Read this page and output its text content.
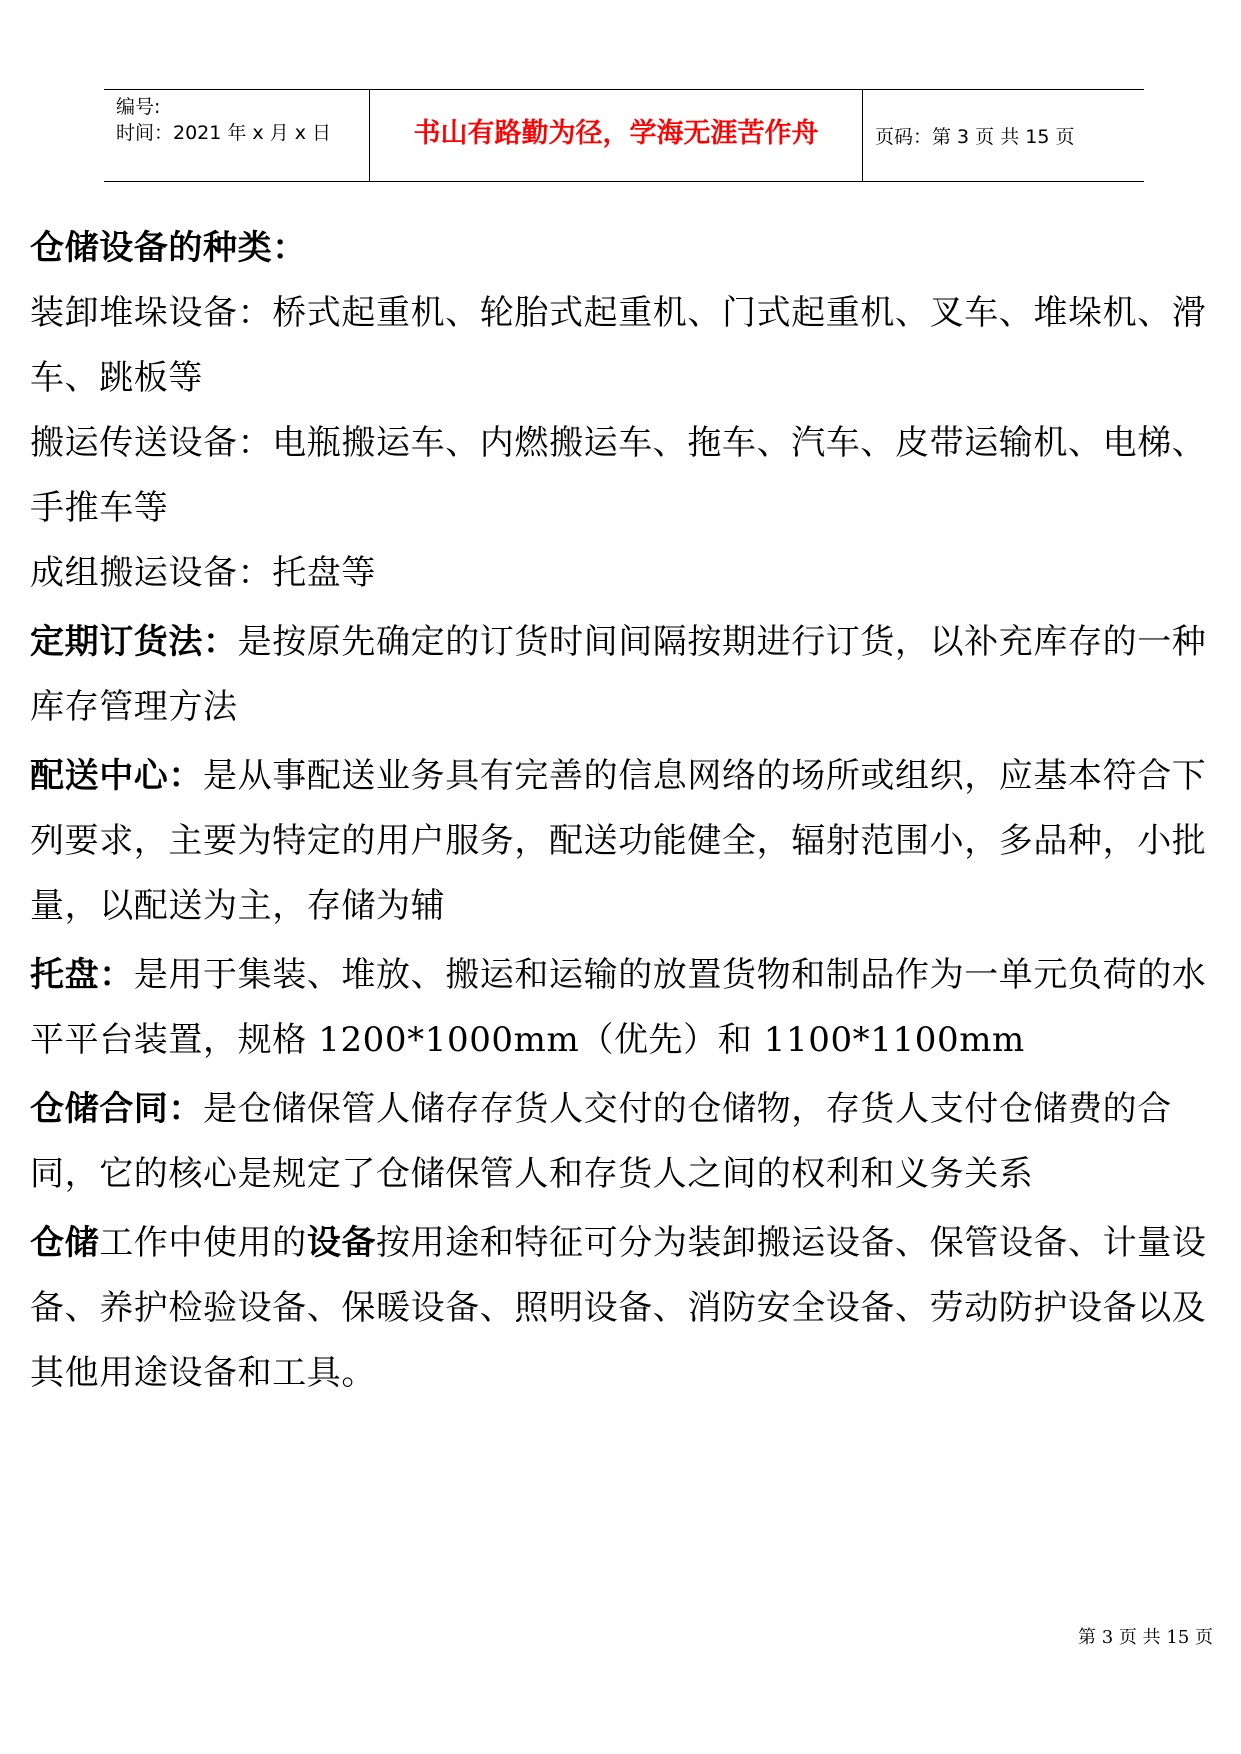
编号:
时间：2021 年 x 月 x 日	书山有路勤为径，学海无涯苦作舟	页码：第 3 页 共 15 页

仓储设备的种类：

装卸堆垛设备：桥式起重机、轮胎式起重机、门式起重机、叉车、堆垛机、滑车、跳板等

搬运传送设备：电瓶搬运车、内燃搬运车、拖车、汽车、皮带运输机、电梯、手推车等

成组搬运设备：托盘等

定期订货法：是按原先确定的订货时间间隔按期进行订货，以补充库存的一种库存管理方法

配送中心：是从事配送业务具有完善的信息网络的场所或组织，应基本符合下列要求，主要为特定的用户服务，配送功能健全，辐射范围小，多品种，小批量，以配送为主，存储为辅

托盘：是用于集装、堆放、搬运和运输的放置货物和制品作为一单元负荷的水平平台装置，规格 1200*1000mm（优先）和 1100*1100mm

仓储合同：是仓储保管人储存存货人交付的仓储物，存货人支付仓储费的合同，它的核心是规定了仓储保管人和存货人之间的权利和义务关系

仓储工作中使用的设备按用途和特征可分为装卸搬运设备、保管设备、计量设备、养护检验设备、保暖设备、照明设备、消防安全设备、劳动防护设备以及其他用途设备和工具。

第 3 页 共 15 页
